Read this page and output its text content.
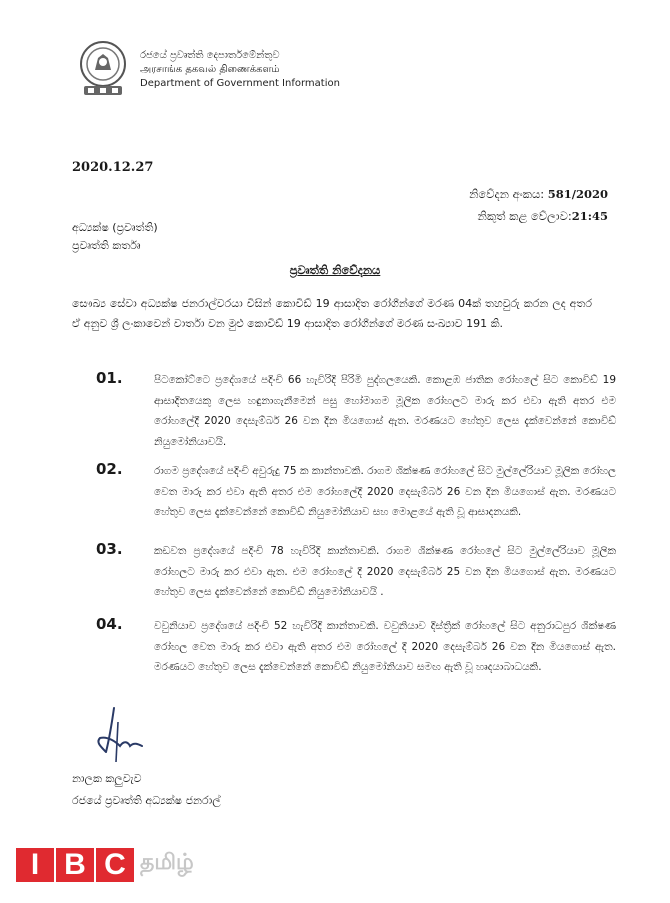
රජයේ ප්‍රවෘත්ති දෙපාර්තමේන්තුව
அரசாங்க தகவல் திணைக்களம்
Department of Government Information
2020.12.27
නිවේදන අංකය: 581/2020
නිකුත් කළ වේලාව:21:45
අධ්‍යක්ෂ (ප්‍රවෘත්ති)
ප්‍රවෘත්ති කර්තෘ
ප්‍රවෘත්ති නිවේදනය
සෞඛ්‍ය සේවා අධ්‍යක්ෂ ජනරාල්වරයා විසින් කොවිඩ් 19 ආසාදිත රෝගීන්ගේ මරණ 04ක් තහවුරු කරන ලද අතර ඒ අනුව ශ්‍රී ලංකාවෙන් වාර්තා වන මුළු කොවිඩ් 19 ආසාදිත රෝගීන්ගේ මරණ සංඛ්‍යාව 191 කි.
01.	පිටකෝට්ටෙ ප්‍රදේශයේ පදිංචි 66 හැවිරිදි පිරිමි පුද්ගලයෙකි. කොළඹ ජාතික රෝහලේ සිට කොවිඩ් 19 ආසාදිතයෙකු ලෙස හඳුනාගැනීමෙන් පසු හෝමාගම මූලික රෝහලට මාරු කර එවා ඇති අතර එම රෝහලේදී 2020 දෙසැම්බර් 26 වන දින මියගොස් ඇත. මරණයට හේතුව ලෙස දැක්වෙන්නේ කොවිඩ් නියුමෝනියාවයි.
02.	රාගම ප්‍රදේශයේ පදිංචි අවුරුදු 75 ක කාන්තාවකි. රාගම ශික්ෂණ රෝහලේ සිට මුල්ලේරියාව මූලික රෝහල වෙත මාරු කර එවා ඇති අතර එම රෝහලේදී 2020 දෙසැම්බර් 26 වන දින මියගොස් ඇත. මරණයට හේතුව ලෙස දැක්වෙන්නේ කොවිඩ් නියුමෝනියාව සහ මොළයේ ඇති වූ ආසාදනයකි.
03.	කඩවත ප්‍රදේශයේ පදිංචි 78 හැවිරිදි කාන්තාවකි. රාගම ශික්ෂණ රෝහලේ සිට මුල්ලේරියාව මූලික රෝහලට මාරු කර එවා ඇත. එම රෝහලේ දී 2020 දෙසැම්බර් 25 වන දින මියගොස් ඇත. මරණයට හේතුව ලෙස දැක්වෙන්නේ කොවිඩ් නියුමෝනියාවයි .
04.	වවුනියාව ප්‍රදේශයේ පදිංචි 52 හැවිරිදි කාන්තාවකි. වවුනියාව දිස්ත්‍රික් රෝහලේ සිට අනුරාධපුර ශික්ෂණ රෝහල වෙත මාරු කර එවා ඇති අතර එම රෝහලේ දී 2020 දෙසැම්බර් 26 වන දින මියගොස් ඇත. මරණයට හේතුව ලෙස දැක්වෙන්නේ කොවිඩ් නියුමෝනියාව සමඟ ඇති වූ හෘදයාබාධයකි.
නාලක කලුවැව
රජයේ ප්‍රවෘත්ති අධ්‍යක්ෂ ජනරාල්
I B C தமிழ்
